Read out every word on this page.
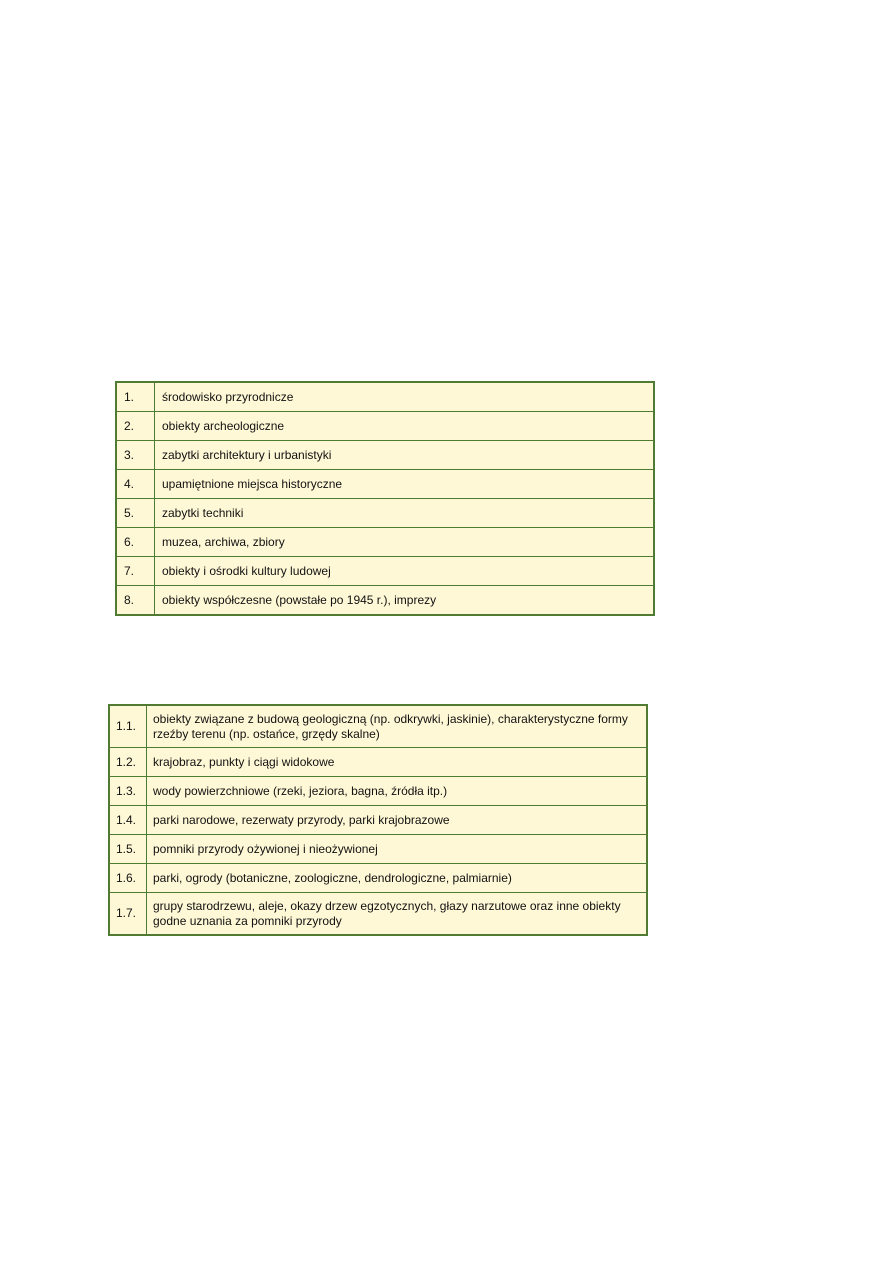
1.	środowisko przyrodnicze
2.	obiekty archeologiczne
3.	zabytki architektury i urbanistyki
4.	upamiętnione miejsca historyczne
5.	zabytki techniki
6.	muzea, archiwa, zbiory
7.	obiekty i ośrodki kultury ludowej
8.	obiekty współczesne (powstałe po 1945 r.), imprezy
1.1.	obiekty związane z budową geologiczną (np. odkrywki, jaskinie), charakterystyczne formy rzeźby terenu (np. ostańce, grzędy skalne)
1.2.	krajobraz, punkty i ciągi widokowe
1.3.	wody powierzchniowe (rzeki, jeziora, bagna, źródła itp.)
1.4.	parki narodowe, rezerwaty przyrody, parki krajobrazowe
1.5.	pomniki przyrody ożywionej i nieożywionej
1.6.	parki, ogrody (botaniczne, zoologiczne, dendrologiczne, palmiarnie)
1.7.	grupy starodrzewu, aleje, okazy drzew egzotycznych, głazy narzutowe oraz inne obiekty godne uznania za pomniki przyrody
